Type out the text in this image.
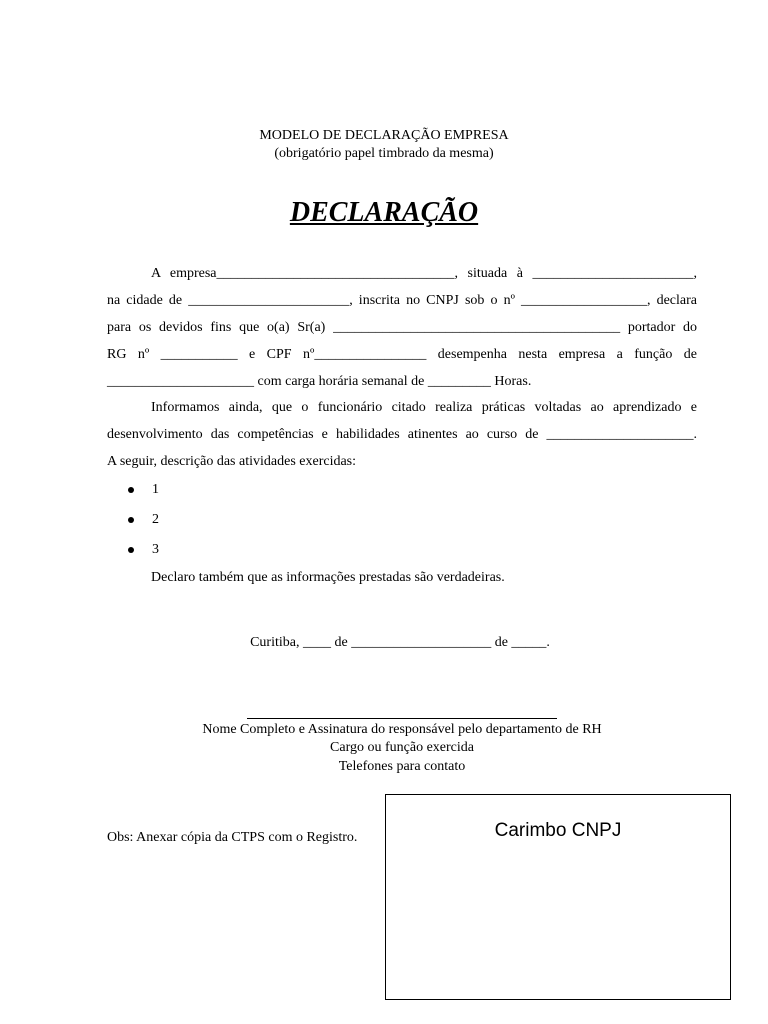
MODELO DE DECLARAÇÃO EMPRESA
(obrigatório papel timbrado da mesma)
DECLARAÇÃO
A empresa__________________________________, situada à _______________________,
na cidade de _______________________, inscrita no CNPJ sob o nº __________________, declara
para os devidos fins que o(a) Sr(a) _________________________________________ portador do
RG nº ___________ e CPF nº________________ desempenha nesta empresa a função de
_____________________ com carga horária semanal de _________ Horas.
Informamos ainda, que o funcionário citado realiza práticas voltadas ao aprendizado e
desenvolvimento das competências e habilidades atinentes ao curso de _____________________.
A seguir, descrição das atividades exercidas:
1
2
3
Declaro também que as informações prestadas são verdadeiras.
Curitiba, ____ de ____________________ de _____.
Nome Completo e Assinatura do responsável pelo departamento de RH
Cargo ou função exercida
Telefones para contato
Obs: Anexar cópia da CTPS com o Registro.	Carimbo CNPJ
